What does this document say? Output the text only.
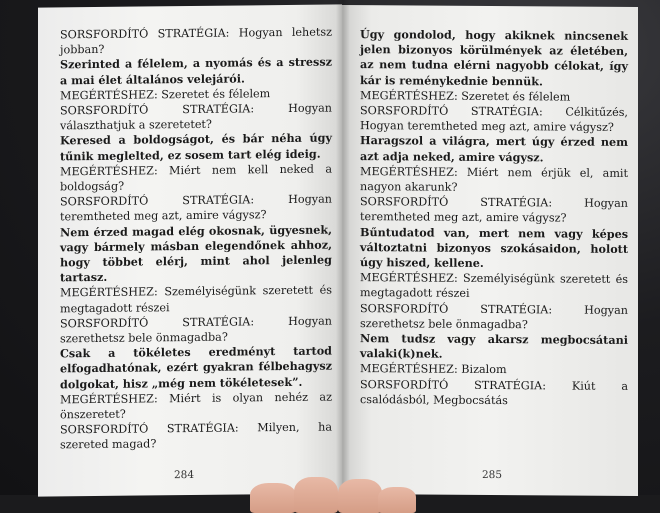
SORSFORDÍTÓ STRATÉGIA: Hogyan lehetsz jobban?

Szerinted a félelem, a nyomás és a stressz a mai élet általános velejárói.

MEGÉRTÉSHEZ: Szeretet és félelem

SORSFORDÍTÓ STRATÉGIA: Hogyan választhatjuk a szeretetet?

Keresed a boldogságot, és bár néha úgy tűnik meglelted, ez sosem tart elég ideig.

MEGÉRTÉSHEZ: Miért nem kell neked a boldogság?

SORSFORDÍTÓ STRATÉGIA: Hogyan teremtheted meg azt, amire vágysz?

Nem érzed magad elég okosnak, ügyesnek, vagy bármely másban elegendőnek ahhoz, hogy többet elérj, mint ahol jelenleg tartasz.

MEGÉRTÉSHEZ: Személyiségünk szeretett és megtagadott részei

SORSFORDÍTÓ STRATÉGIA: Hogyan szerethetsz bele önmagadba?

Csak a tökéletes eredményt tartod elfogadhatónak, ezért gyakran félbehagysz dolgokat, hisz „még nem tökéletesek”.

MEGÉRTÉSHEZ: Miért is olyan nehéz az önszeretet?

SORSFORDÍTÓ STRATÉGIA: Milyen, ha szereted magad?

284

Úgy gondolod, hogy akiknek nincsenek jelen bizonyos körülmények az életében, az nem tudna elérni nagyobb célokat, így kár is reménykednie bennük.

MEGÉRTÉSHEZ: Szeretet és félelem

SORSFORDÍTÓ STRATÉGIA: Célkitűzés, Hogyan teremtheted meg azt, amire vágysz?

Haragszol a világra, mert úgy érzed nem azt adja neked, amire vágysz.

MEGÉRTÉSHEZ: Miért nem érjük el, amit nagyon akarunk?

SORSFORDÍTÓ STRATÉGIA: Hogyan teremtheted meg azt, amire vágysz?

Bűntudatod van, mert nem vagy képes változtatni bizonyos szokásaidon, holott úgy hiszed, kellene.

MEGÉRTÉSHEZ: Személyiségünk szeretett és megtagadott részei

SORSFORDÍTÓ STRATÉGIA: Hogyan szerethetsz bele önmagadba?

Nem tudsz vagy akarsz megbocsátani valaki(k)nek.

MEGÉRTÉSHEZ: Bizalom

SORSFORDÍTÓ STRATÉGIA: Kiút a csalódásból, Megbocsátás

285
